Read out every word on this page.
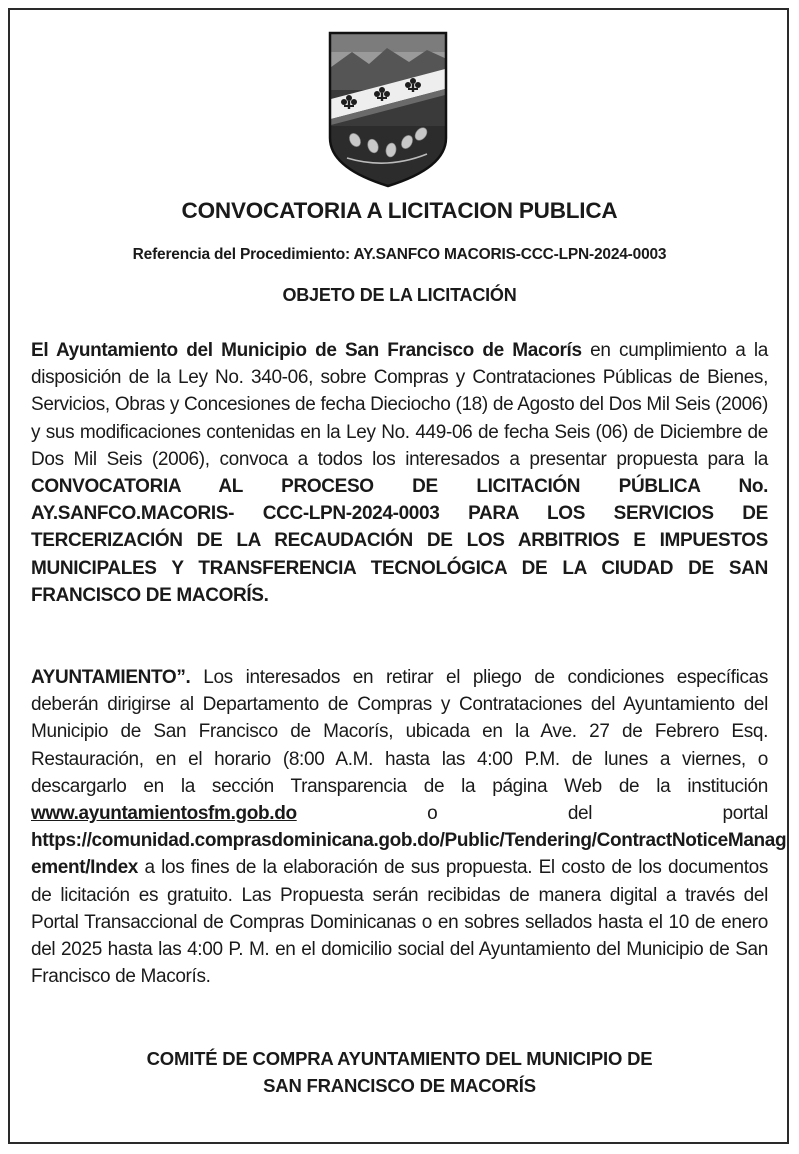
CONVOCATORIA A LICITACION PUBLICA

Referencia del Procedimiento: AY.SANFCO MACORIS-CCC-LPN-2024-0003

OBJETO DE LA LICITACIÓN

El Ayuntamiento del Municipio de San Francisco de Macorís en cumplimiento a la disposición de la Ley No. 340-06, sobre Compras y Contrataciones Públicas de Bienes, Servicios, Obras y Concesiones de fecha Dieciocho (18) de Agosto del Dos Mil Seis (2006) y sus modificaciones contenidas en la Ley No. 449-06 de fecha Seis (06) de Diciembre de Dos Mil Seis (2006), convoca a todos los interesados a presentar propuesta para la CONVOCATORIA AL PROCESO DE LICITACIÓN PÚBLICA No. AY.SANFCO.MACORIS- CCC-LPN-2024-0003 PARA LOS SERVICIOS DE TERCERIZACIÓN DE LA RECAUDACIÓN DE LOS ARBITRIOS E IMPUESTOS MUNICIPALES Y TRANSFERENCIA TECNOLÓGICA DE LA CIUDAD DE SAN FRANCISCO DE MACORÍS.

AYUNTAMIENTO”. Los interesados en retirar el pliego de condiciones específicas deberán dirigirse al Departamento de Compras y Contrataciones del Ayuntamiento del Municipio de San Francisco de Macorís, ubicada en la Ave. 27 de Febrero Esq. Restauración, en el horario (8:00 A.M. hasta las 4:00 P.M. de lunes a viernes, o descargarlo en la sección Transparencia de la página Web de la institución www.ayuntamientosfm.gob.do o del portal https://comunidad.comprasdominicana.gob.do/Public/Tendering/ContractNoticeManag ement/Index a los fines de la elaboración de sus propuesta. El costo de los documentos de licitación es gratuito. Las Propuesta serán recibidas de manera digital a través del Portal Transaccional de Compras Dominicanas o en sobres sellados hasta el 10 de enero del 2025 hasta las 4:00 P. M. en el domicilio social del Ayuntamiento del Municipio de San Francisco de Macorís.

COMITÉ DE COMPRA AYUNTAMIENTO DEL MUNICIPIO DE
SAN FRANCISCO DE MACORÍS
